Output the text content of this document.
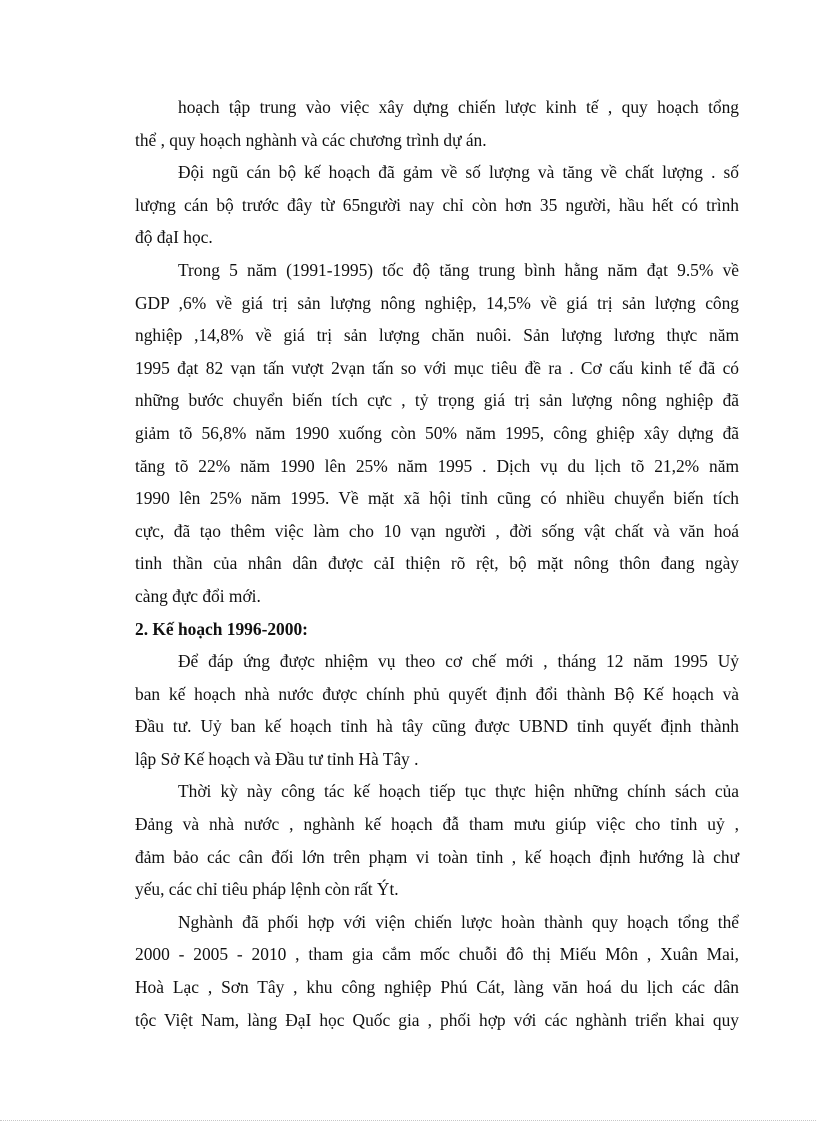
hoạch tập trung vào việc xây dựng chiến lược kinh tế , quy hoạch tổng
thể , quy hoạch nghành và các chương trình dự án.
Đội ngũ cán bộ kế hoạch đã gảm về số lượng và tăng về chất lượng . số
lượng cán bộ trước đây từ 65người nay chỉ còn hơn 35 người, hầu hết có trình
độ đạI học.
Trong 5 năm (1991-1995) tốc độ tăng trung bình hằng năm đạt 9.5% về
GDP ,6% về giá trị sản lượng nông nghiệp, 14,5% về giá trị sản lượng công
nghiệp ,14,8% về giá trị sản lượng chăn nuôi. Sản lượng lương thực năm
1995 đạt 82 vạn tấn vượt 2vạn tấn so với mục tiêu đề ra . Cơ cấu kinh tế đã có
những bước chuyển biến tích cực , tỷ trọng giá trị sản lượng nông nghiệp đã
giảm tõ 56,8% năm 1990 xuống còn 50% năm 1995, công ghiệp xây dựng đã
tăng tõ 22% năm 1990 lên 25% năm 1995 . Dịch vụ du lịch tõ 21,2% năm
1990 lên 25% năm 1995. Về mặt xã hội tỉnh cũng có nhiều chuyển biến tích
cực, đã tạo thêm việc làm cho 10 vạn người , đời sống vật chất và văn hoá
tinh thần của nhân dân được cảI thiện rõ rệt, bộ mặt nông thôn đang ngày
càng đực đổi mới.
2. Kế hoạch 1996-2000:
Để đáp ứng được nhiệm vụ theo cơ chế mới , tháng 12 năm 1995 Uỷ
ban kế hoạch nhà nước được chính phủ quyết định đổi thành Bộ Kế hoạch và
Đầu tư. Uỷ ban kế hoạch tỉnh hà tây cũng được UBND tỉnh quyết định thành
lập Sở Kế hoạch và Đầu tư tỉnh Hà Tây .
Thời kỳ này công tác kế hoạch tiếp tục thực hiện những chính sách của
Đảng và nhà nước , nghành kế hoạch đẫ tham mưu giúp việc cho tỉnh uỷ ,
đảm bảo các cân đối lớn trên phạm vi toàn tỉnh , kế hoạch định hướng là chư
yếu, các chỉ tiêu pháp lệnh còn rất Ýt.
Nghành đã phối hợp với viện chiến lược hoàn thành quy hoạch tổng thể
2000 - 2005 - 2010 , tham gia cắm mốc chuỗi đô thị Miếu Môn , Xuân Mai,
Hoà Lạc , Sơn Tây , khu công nghiệp Phú Cát, làng văn hoá du lịch các dân
tộc Việt Nam, làng ĐạI học Quốc gia , phối hợp với các nghành triển khai quy
